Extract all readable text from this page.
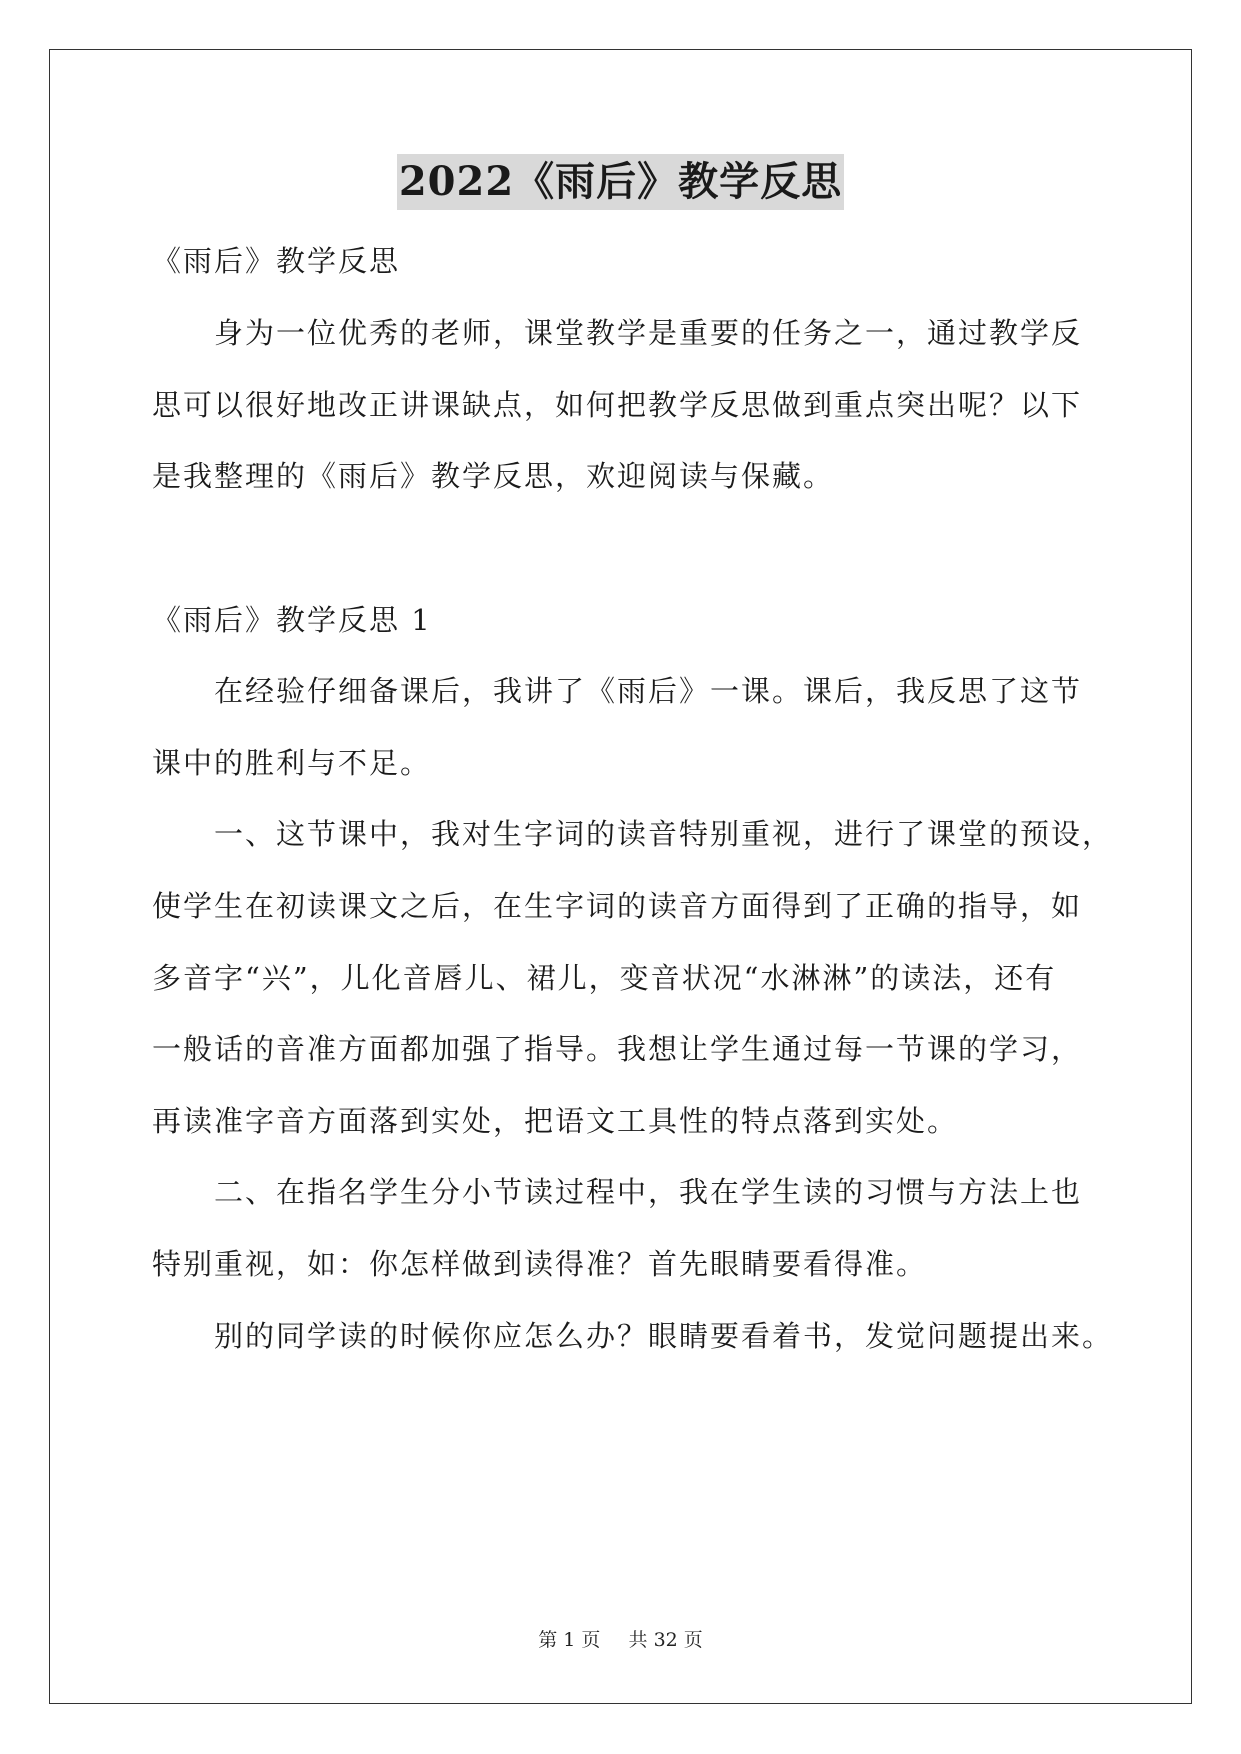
2022《雨后》教学反思
《雨后》教学反思
身为一位优秀的老师，课堂教学是重要的任务之一，通过教学反
思可以很好地改正讲课缺点，如何把教学反思做到重点突出呢？以下
是我整理的《雨后》教学反思，欢迎阅读与保藏。
《雨后》教学反思 1
在经验仔细备课后，我讲了《雨后》一课。课后，我反思了这节
课中的胜利与不足。
一、这节课中，我对生字词的读音特别重视，进行了课堂的预设，
使学生在初读课文之后，在生字词的读音方面得到了正确的指导，如
多音字“兴”，儿化音唇儿、裙儿，变音状况“水淋淋”的读法，还有
一般话的音准方面都加强了指导。我想让学生通过每一节课的学习，
再读准字音方面落到实处，把语文工具性的特点落到实处。
二、在指名学生分小节读过程中，我在学生读的习惯与方法上也
特别重视，如：你怎样做到读得准？首先眼睛要看得准。
别的同学读的时候你应怎么办？眼睛要看着书，发觉问题提出来。
第 1 页 共 32 页
